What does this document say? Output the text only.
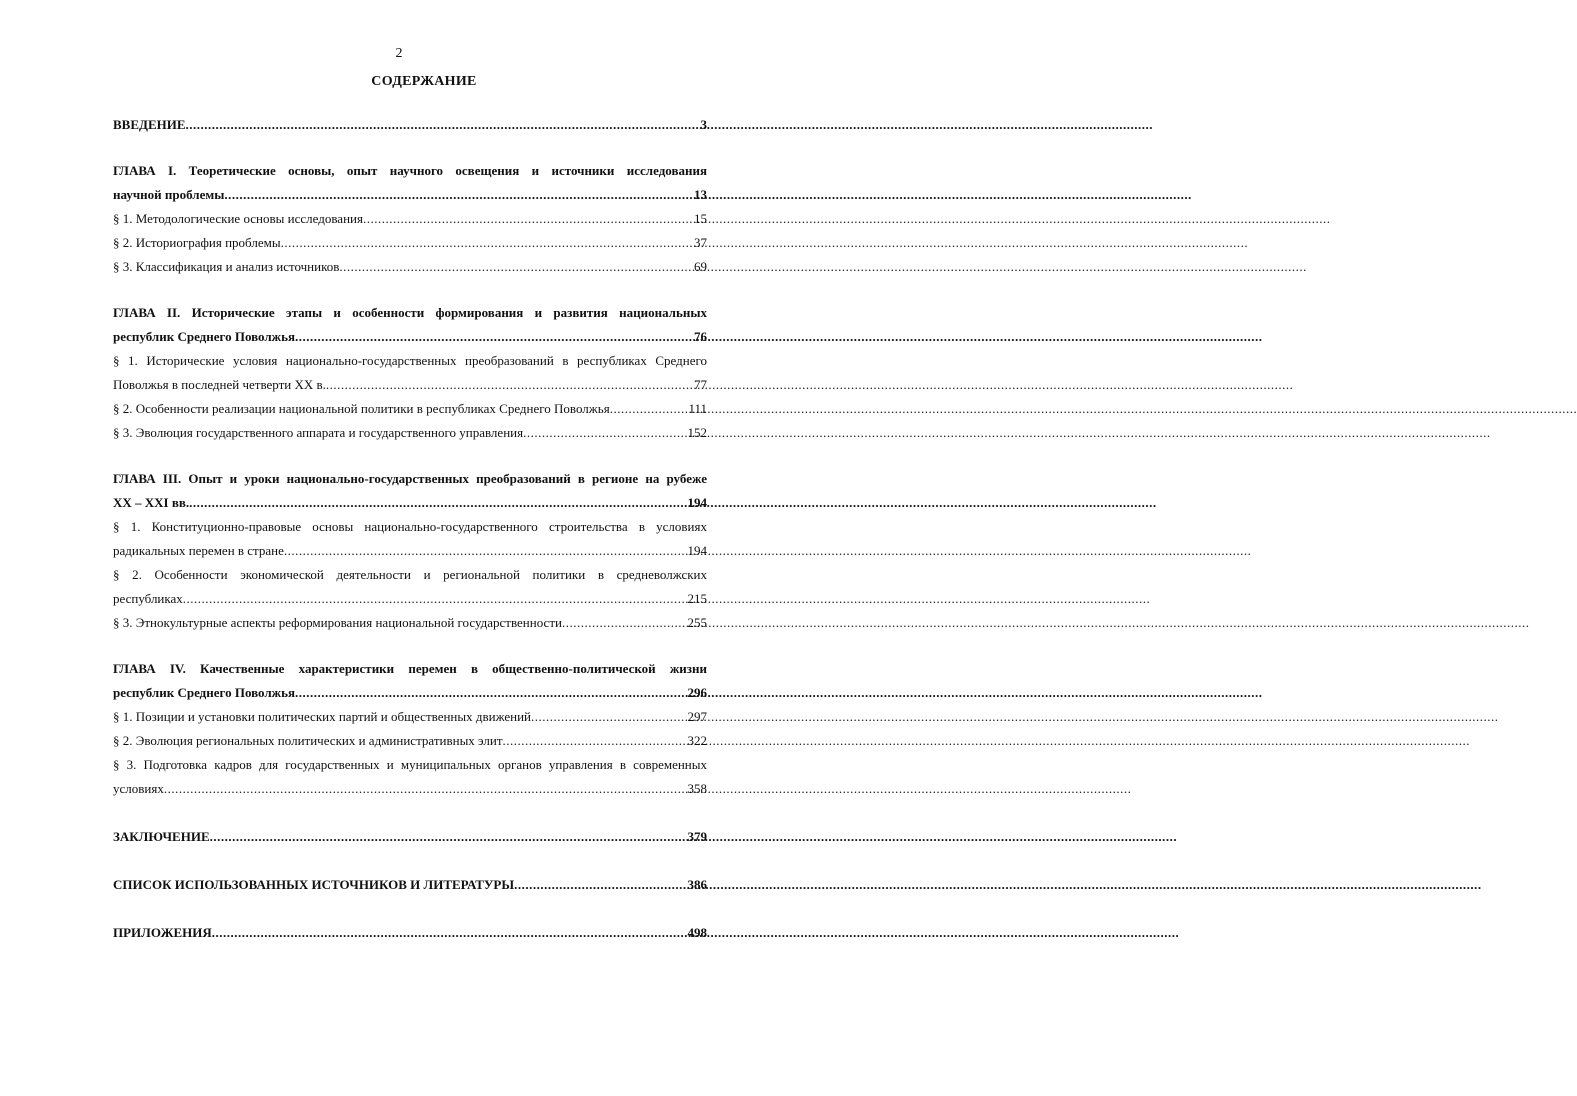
2
СОДЕРЖАНИЕ
ВВЕДЕНИЕ .....	3
ГЛАВА I. Теоретические основы, опыт научного освещения и источники исследования
научной проблемы .....	13
§ 1. Методологические основы исследования .....	15
§ 2. Историография проблемы .....	37
§ 3. Классификация и анализ источников .....	69
ГЛАВА II. Исторические этапы и особенности формирования и развития национальных
республик Среднего Поволжья .....	76
§ 1. Исторические условия национально-государственных преобразований в республиках Среднего
Поволжья в последней четверти XX в. .....	77
§ 2. Особенности реализации национальной политики в республиках Среднего Поволжья .....	111
§ 3. Эволюция государственного аппарата и государственного управления .....	152
ГЛАВА III. Опыт и уроки национально-государственных преобразований в регионе на рубеже
XX – XXI вв. .....	194
§ 1. Конституционно-правовые основы национально-государственного строительства в условиях
радикальных перемен в стране .....	194
§ 2. Особенности экономической деятельности и региональной политики в средневолжских
республиках .....	215
§ 3. Этнокультурные аспекты реформирования национальной государственности .....	255
ГЛАВА IV. Качественные характеристики перемен в общественно-политической жизни
республик Среднего Поволжья .....	296
§ 1. Позиции и установки политических партий и общественных движений .....	297
§ 2. Эволюция региональных политических и административных элит .....	322
§ 3. Подготовка кадров для государственных и муниципальных органов управления в современных
условиях .....	358
ЗАКЛЮЧЕНИЕ .....	379
СПИСОК ИСПОЛЬЗОВАННЫХ ИСТОЧНИКОВ И ЛИТЕРАТУРЫ .....	386
ПРИЛОЖЕНИЯ .....	498
